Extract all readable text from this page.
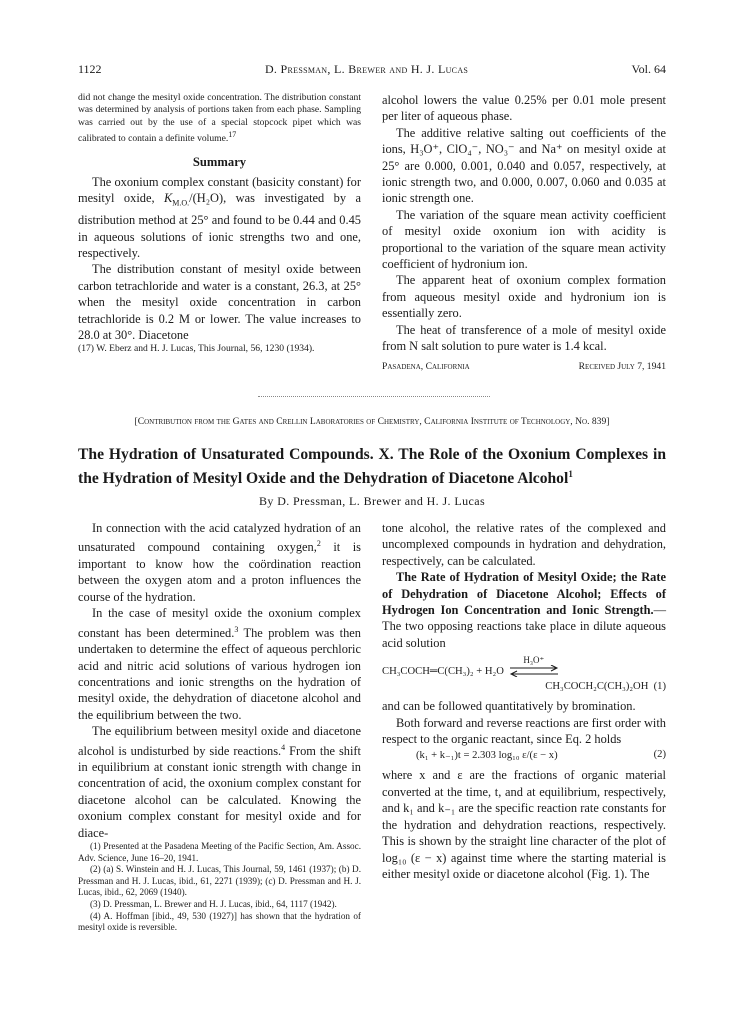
1122	D. Pressman, L. Brewer and H. J. Lucas	Vol. 64

did not change the mesityl oxide concentration. The distribution constant was determined by analysis of portions taken from each phase. Sampling was carried out by the use of a special stopcock pipet which was calibrated to contain a definite volume.$^{17}$

Summary

The oxonium complex constant (basicity constant) for mesityl oxide, $K_{M.O.}/(H_2O)$, was investigated by a distribution method at 25° and found to be 0.44 and 0.45 in aqueous solutions of ionic strengths two and one, respectively.

The distribution constant of mesityl oxide between carbon tetrachloride and water is a constant, 26.3, at 25° when the mesityl oxide concentration in carbon tetrachloride is 0.2 M or lower. The value increases to 28.0 at 30°. Diacetone

(17) W. Eberz and H. J. Lucas, This Journal, 56, 1230 (1934).

alcohol lowers the value 0.25% per 0.01 mole present per liter of aqueous phase.

The additive relative salting out coefficients of the ions, H₃O⁺, ClO₄⁻, NO₃⁻ and Na⁺ on mesityl oxide at 25° are 0.000, 0.001, 0.040 and 0.057, respectively, at ionic strength two, and 0.000, 0.007, 0.060 and 0.035 at ionic strength one.

The variation of the square mean activity coefficient of mesityl oxide oxonium ion with acidity is proportional to the variation of the square mean activity coefficient of hydronium ion.

The apparent heat of oxonium complex formation from aqueous mesityl oxide and hydronium ion is essentially zero.

The heat of transference of a mole of mesityl oxide from N salt solution to pure water is 1.4 kcal.

Pasadena, California	Received July 7, 1941
[Contribution from the Gates and Crellin Laboratories of Chemistry, California Institute of Technology, No. 839]
The Hydration of Unsaturated Compounds. X. The Role of the Oxonium Complexes in the Hydration of Mesityl Oxide and the Dehydration of Diacetone Alcohol$^1$
By D. Pressman, L. Brewer and H. J. Lucas

In connection with the acid catalyzed hydration of an unsaturated compound containing oxygen,$^2$ it is important to know how the coördination reaction between the oxygen atom and a proton influences the course of the hydration.

In the case of mesityl oxide the oxonium complex constant has been determined.$^3$ The problem was then undertaken to determine the effect of aqueous perchloric acid and nitric acid solutions of various hydrogen ion concentrations and ionic strengths on the hydration of mesityl oxide, the dehydration of diacetone alcohol and the equilibrium between the two.

The equilibrium between mesityl oxide and diacetone alcohol is undisturbed by side reactions.$^4$ From the shift in equilibrium at constant ionic strength with change in concentration of acid, the oxonium complex constant for diacetone alcohol can be calculated. Knowing the oxonium complex constant for mesityl oxide and for diace-

(1) Presented at the Pasadena Meeting of the Pacific Section, Am. Assoc. Adv. Science, June 16–20, 1941.

(2) (a) S. Winstein and H. J. Lucas, This Journal, 59, 1461 (1937); (b) D. Pressman and H. J. Lucas, ibid., 61, 2271 (1939); (c) D. Pressman and H. J. Lucas, ibid., 62, 2069 (1940).

(3) D. Pressman, L. Brewer and H. J. Lucas, ibid., 64, 1117 (1942).

(4) A. Hoffman [ibid., 49, 530 (1927)] has shown that the hydration of mesityl oxide is reversible.

tone alcohol, the relative rates of the complexed and uncomplexed compounds in hydration and dehydration, respectively, can be calculated.

The Rate of Hydration of Mesityl Oxide; the Rate of Dehydration of Diacetone Alcohol; Effects of Hydrogen Ion Concentration and Ionic Strength.—The two opposing reactions take place in dilute aqueous acid solution

CH₃COCH═C(CH₃)₂ + H₂O
H₃O⁺
CH₃COCH₂C(CH₃)₂OH (1)

and can be followed quantitatively by bromination.

Both forward and reverse reactions are first order with respect to the organic reactant, since Eq. 2 holds

(k₁ + k₋₁)t = 2.303 log₁₀ ε/(ε − x)	(2)

where x and ε are the fractions of organic material converted at the time, t, and at equilibrium, respectively, and k₁ and k₋₁ are the specific reaction rate constants for the hydration and dehydration reactions, respectively. This is shown by the straight line character of the plot of log₁₀ (ε − x) against time where the starting material is either mesityl oxide or diacetone alcohol (Fig. 1). The
